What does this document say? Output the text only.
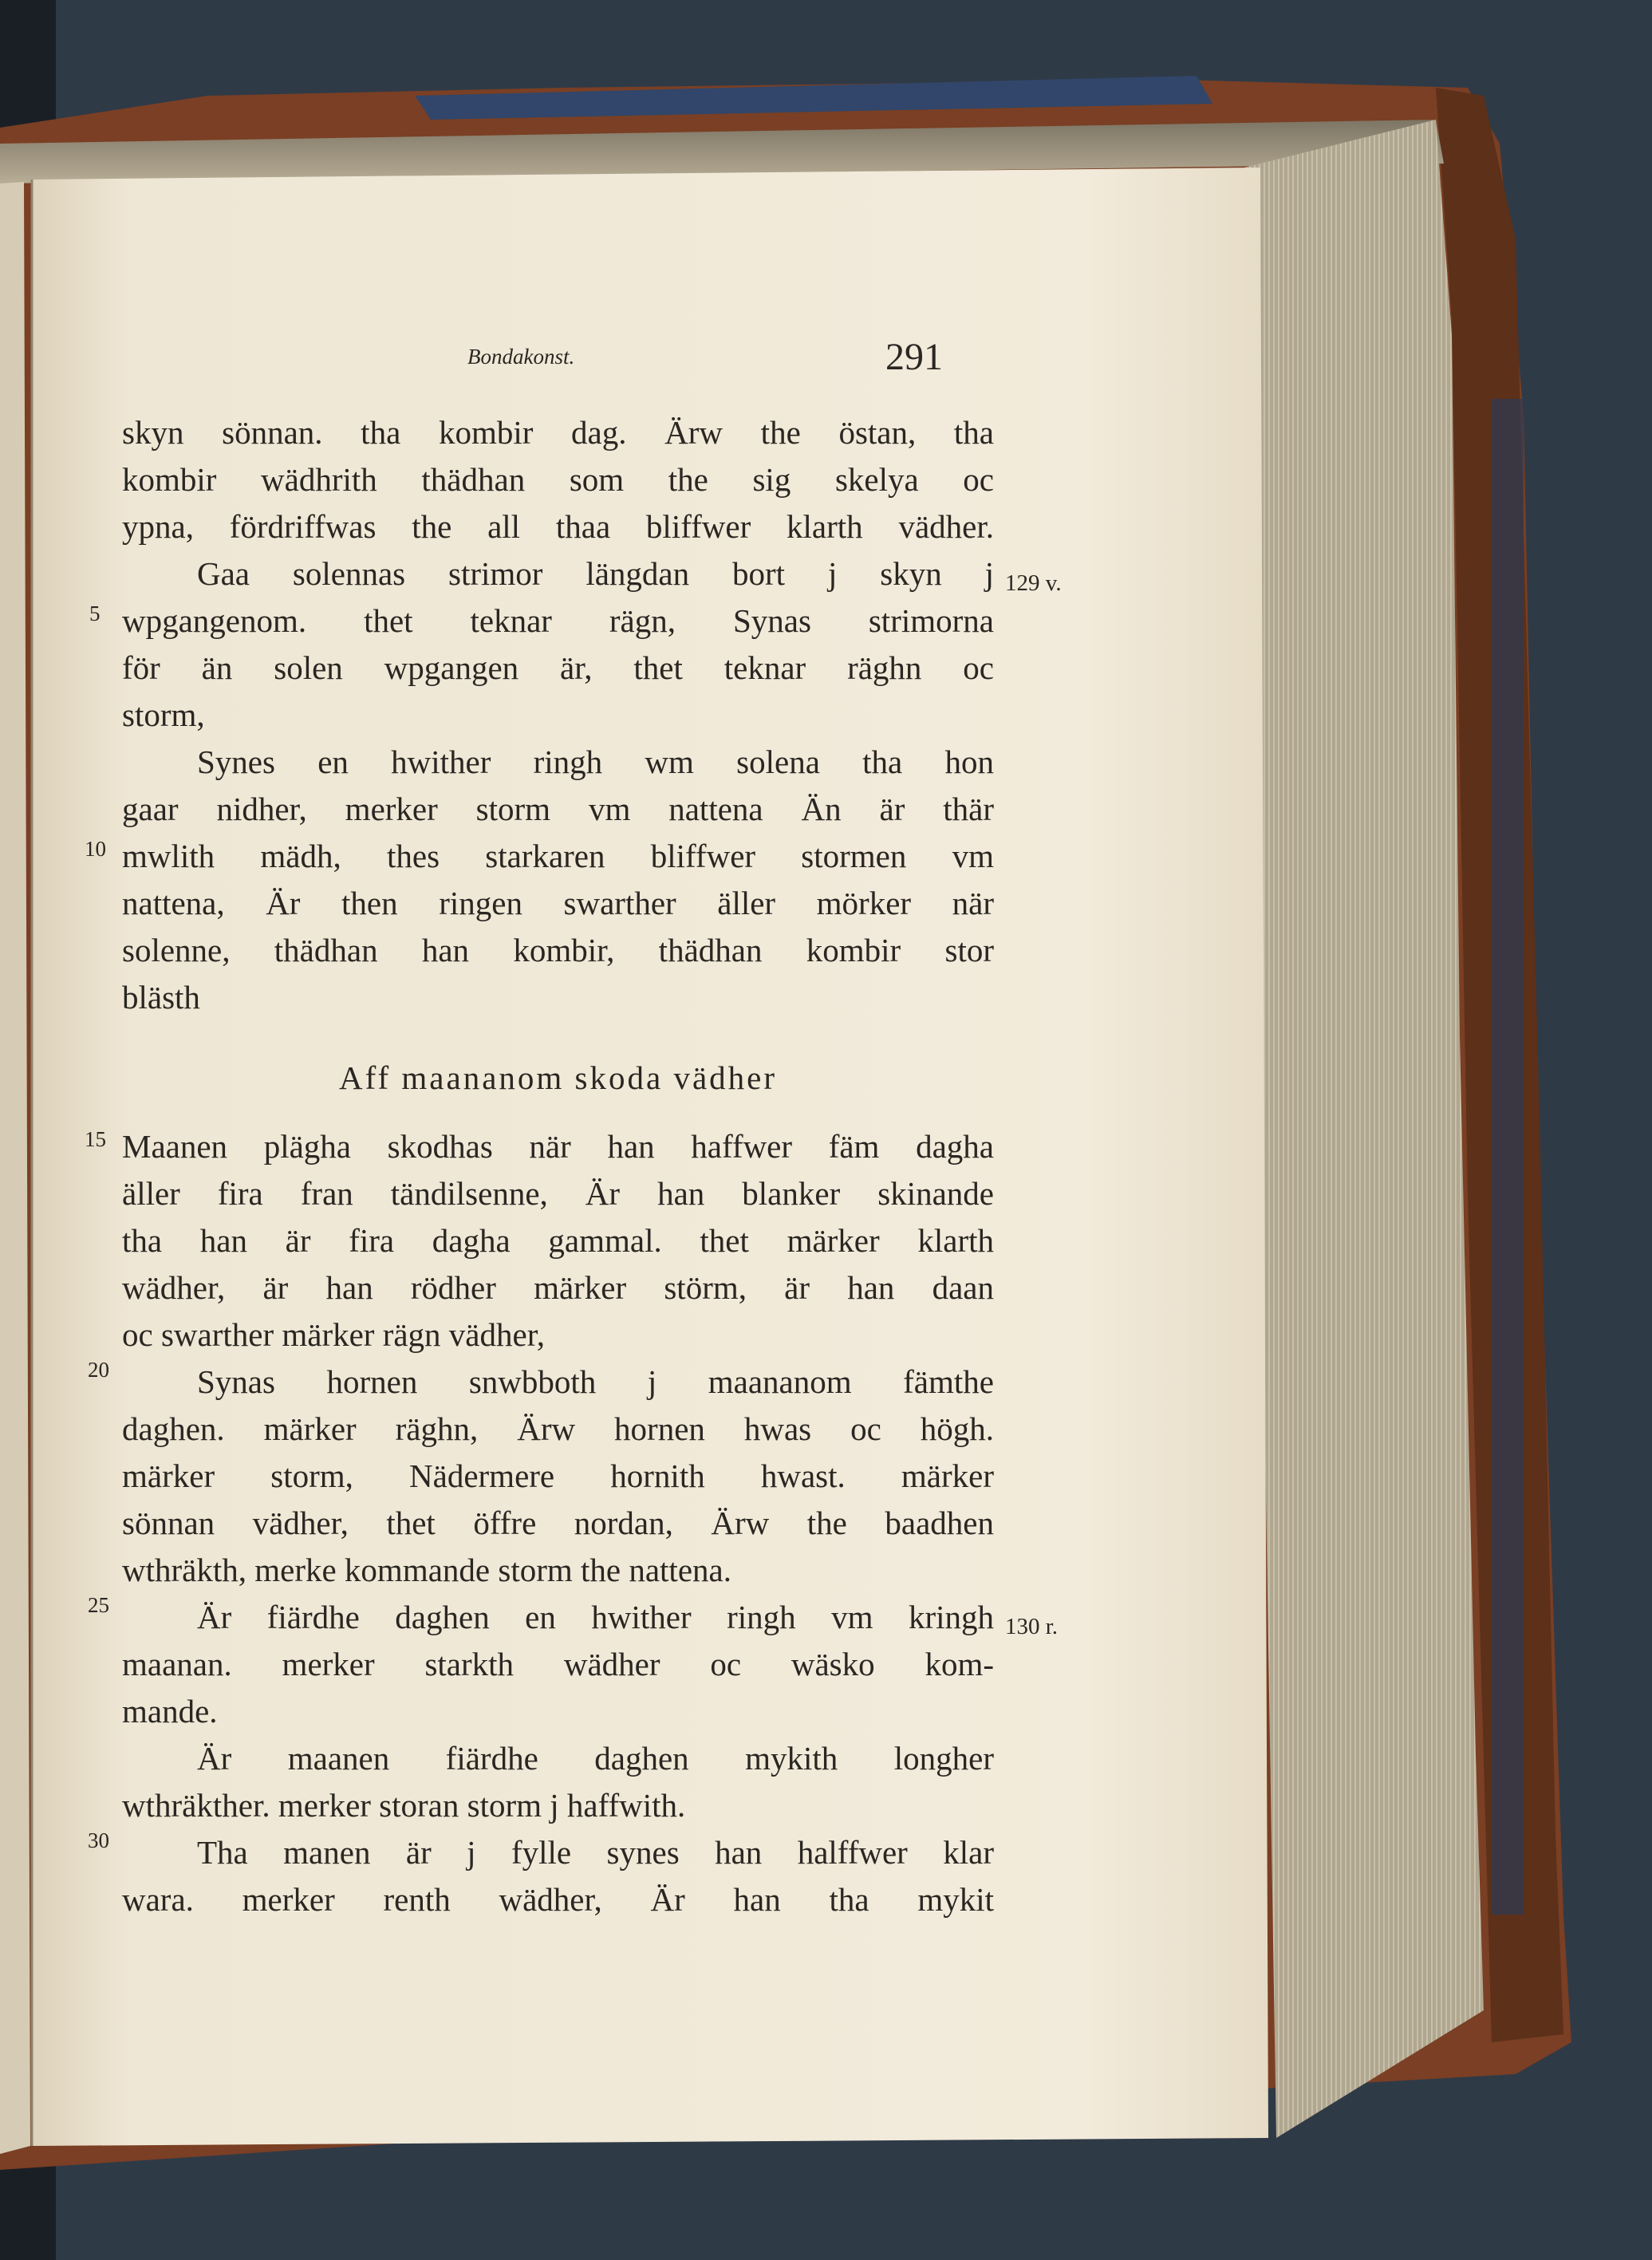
Bondakonst.	291
skyn sönnan. tha kombir dag. Ärw the östan, tha
kombir wädhrith thädhan som the sig skelya oc
ypna, fördriffwas the all thaa bliffwer klarth vädher.
Gaa solennas strimor längdan bort j skyn j
wpgangenom. thet teknar rägn, Synas strimorna
för än solen wpgangen är, thet teknar räghn oc
storm,
Synes en hwither ringh wm solena tha hon
gaar nidher, merker storm vm nattena Än är thär
mwlith mädh, thes starkaren bliffwer stormen vm
nattena, Är then ringen swarther äller mörker när
solenne, thädhan han kombir, thädhan kombir stor
blästh
Aff maananom skoda vädher
Maanen plägha skodhas när han haffwer fäm dagha
äller fira fran tändilsenne, Är han blanker skinande
tha han är fira dagha gammal. thet märker klarth
wädher, är han rödher märker störm, är han daan
oc swarther märker rägn vädher,
Synas hornen snwbboth j maananom fämthe
daghen. märker räghn, Ärw hornen hwas oc högh.
märker storm, Nädermere hornith hwast. märker
sönnan vädher, thet öffre nordan, Ärw the baadhen
wthräkth, merke kommande storm the nattena.
Är fiärdhe daghen en hwither ringh vm kringh
maanan. merker starkth wädher oc wäsko kom-
mande.
Är maanen fiärdhe daghen mykith longher
wthräkther. merker storan storm j haffwith.
Tha manen är j fylle synes han halffwer klar
wara. merker renth wädher, Är han tha mykit
5
10
15
20
25
30
129 v.
130 r.
